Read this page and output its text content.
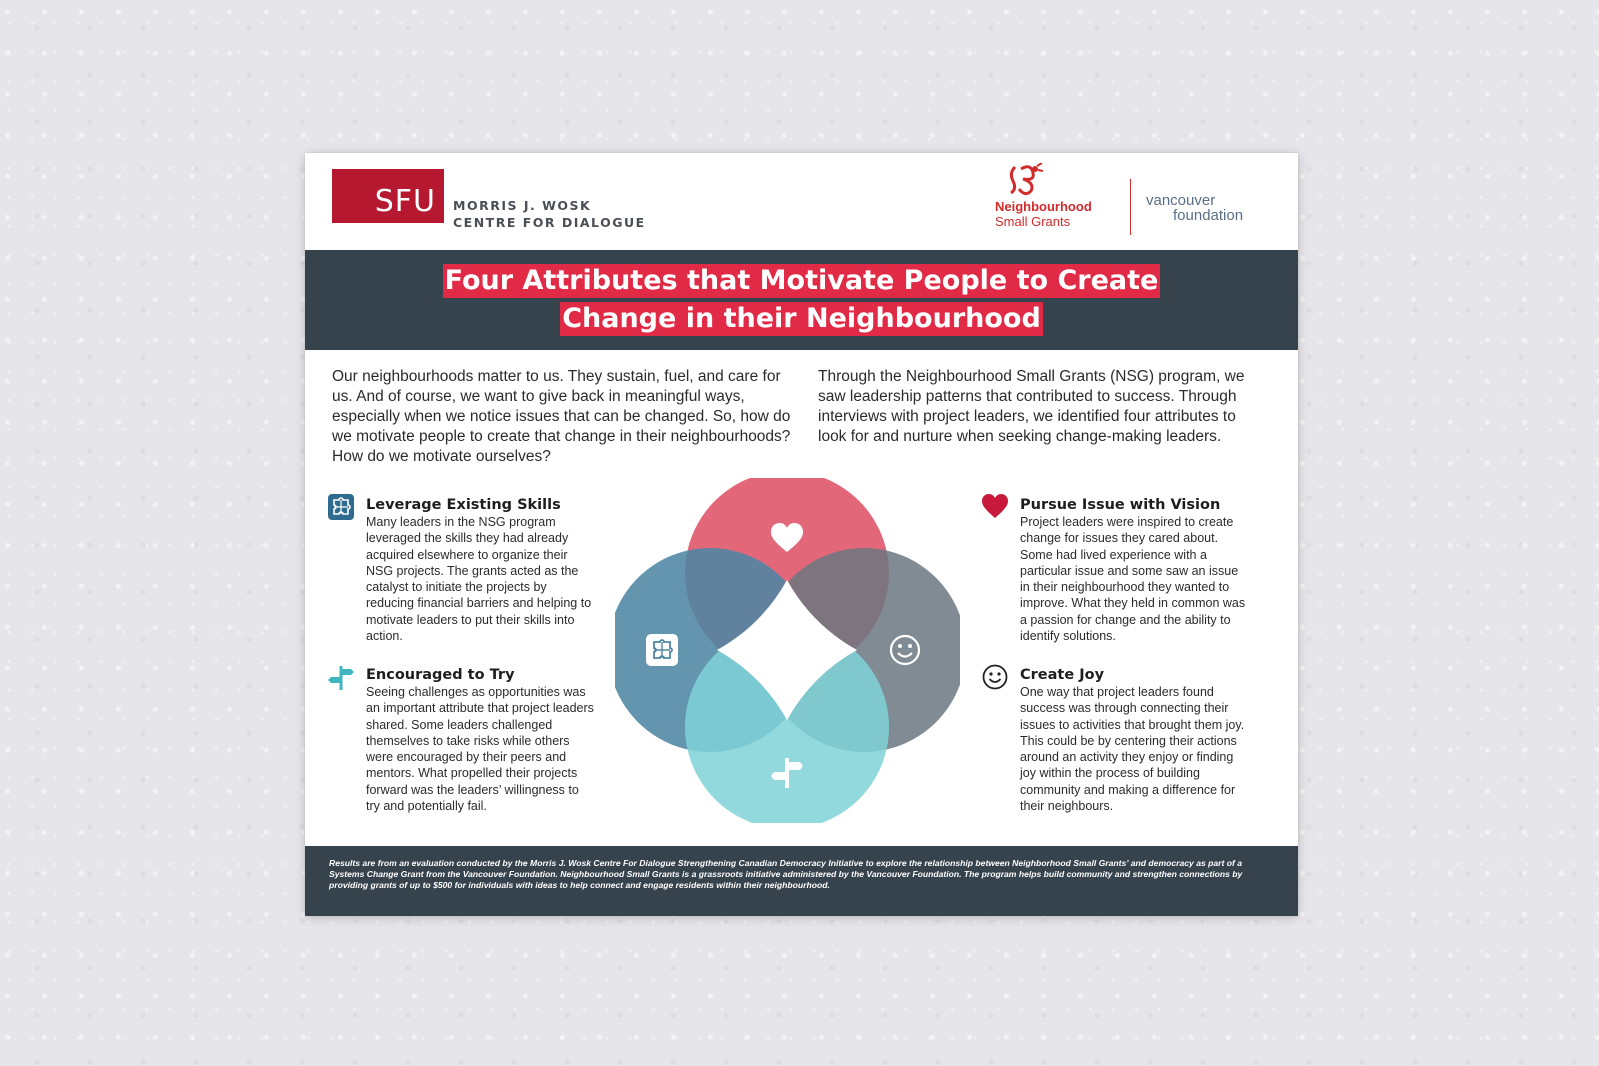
SFU MORRIS J. WOSK
CENTRE FOR DIALOGUE
Neighbourhood
Small Grants
vancouver
foundation
Four Attributes that Motivate People to Create
Change in their Neighbourhood
Our neighbourhoods matter to us. They sustain, fuel, and care for us. And of course, we want to give back in meaningful ways, especially when we notice issues that can be changed. So, how do we motivate people to create that change in their neighbourhoods? How do we motivate ourselves?
Through the Neighbourhood Small Grants (NSG) program, we saw leadership patterns that contributed to success. Through interviews with project leaders, we identified four attributes to look for and nurture when seeking change-making leaders.
Leverage Existing Skills

Many leaders in the NSG program leveraged the skills they had already acquired elsewhere to organize their NSG projects. The grants acted as the catalyst to initiate the projects by reducing financial barriers and helping to motivate leaders to put their skills into action.

Encouraged to Try

Seeing challenges as opportunities was an important attribute that project leaders shared. Some leaders challenged themselves to take risks while others were encouraged by their peers and mentors. What propelled their projects forward was the leaders’ willingness to try and potentially fail.

Pursue Issue with Vision

Project leaders were inspired to create change for issues they cared about. Some had lived experience with a particular issue and some saw an issue in their neighbourhood they wanted to improve. What they held in common was a passion for change and the ability to identify solutions.

Create Joy

One way that project leaders found success was through connecting their issues to activities that brought them joy. This could be by centering their actions around an activity they enjoy or finding joy within the process of building community and making a difference for their neighbours.

Results are from an evaluation conducted by the Morris J. Wosk Centre For Dialogue Strengthening Canadian Democracy Initiative to explore the relationship between Neighborhood Small Grants’ and democracy as part of a Systems Change Grant from the Vancouver Foundation. Neighbourhood Small Grants is a grassroots initiative administered by the Vancouver Foundation. The program helps build community and strengthen connections by providing grants of up to $500 for individuals with ideas to help connect and engage residents within their neighbourhood.
